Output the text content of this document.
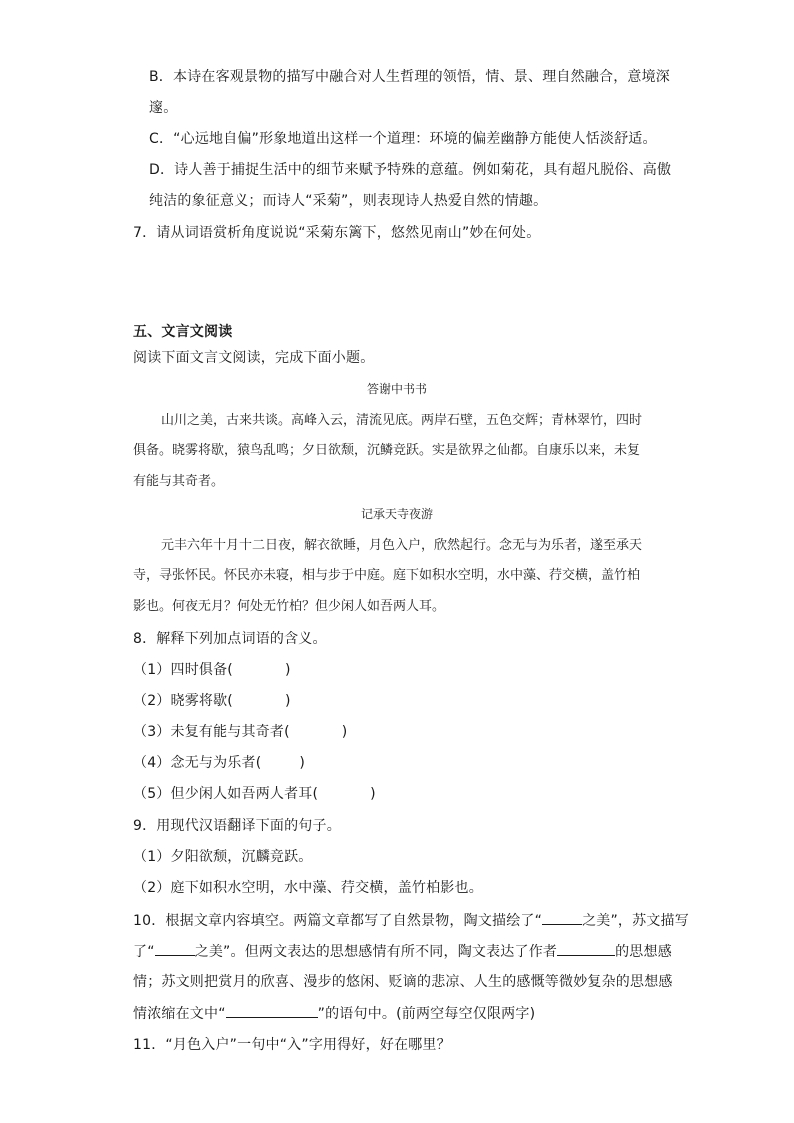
B．本诗在客观景物的描写中融合对人生哲理的领悟，情、景、理自然融合，意境深
邃。
C．“心远地自偏”形象地道出这样一个道理：环境的偏差幽静方能使人恬淡舒适。
D．诗人善于捕捉生活中的细节来赋予特殊的意蕴。例如菊花，具有超凡脱俗、高傲
纯洁的象征意义；而诗人“采菊”，则表现诗人热爱自然的情趣。
7．请从词语赏析角度说说“采菊东篱下，悠然见南山”妙在何处。
五、文言文阅读
阅读下面文言文阅读，完成下面小题。
答谢中书书
山川之美，古来共谈。高峰入云，清流见底。两岸石壁，五色交辉；青林翠竹，四时
俱备。晓雾将歇，猿鸟乱鸣；夕日欲颓，沉鳞竞跃。实是欲界之仙都。自康乐以来，未复
有能与其奇者。
记承天寺夜游
元丰六年十月十二日夜，解衣欲睡，月色入户，欣然起行。念无与为乐者，遂至承天
寺，寻张怀民。怀民亦未寝，相与步于中庭。庭下如积水空明，水中藻、荇交横，盖竹柏
影也。何夜无月？何处无竹柏？但少闲人如吾两人耳。
8．解释下列加点词语的含义。
（1）四时俱备(	)
（2）晓雾将歇(	)
（3）未复有能与其奇者(	)
（4）念无与为乐者(	)
（5）但少闲人如吾两人者耳(	)
9．用现代汉语翻译下面的句子。
（1）夕阳欲颓，沉麟竞跃。
（2）庭下如积水空明，水中藻、荇交横，盖竹柏影也。
10．根据文章内容填空。两篇文章都写了自然景物，陶文描绘了“	之美”，苏文描写
了“	之美”。但两文表达的思想感情有所不同，陶文表达了作者	的思想感
情；苏文则把赏月的欣喜、漫步的悠闲、贬谪的悲凉、人生的感慨等微妙复杂的思想感
情浓缩在文中“	”的语句中。(前两空每空仅限两字)
11．“月色入户”一句中“入”字用得好，好在哪里？
